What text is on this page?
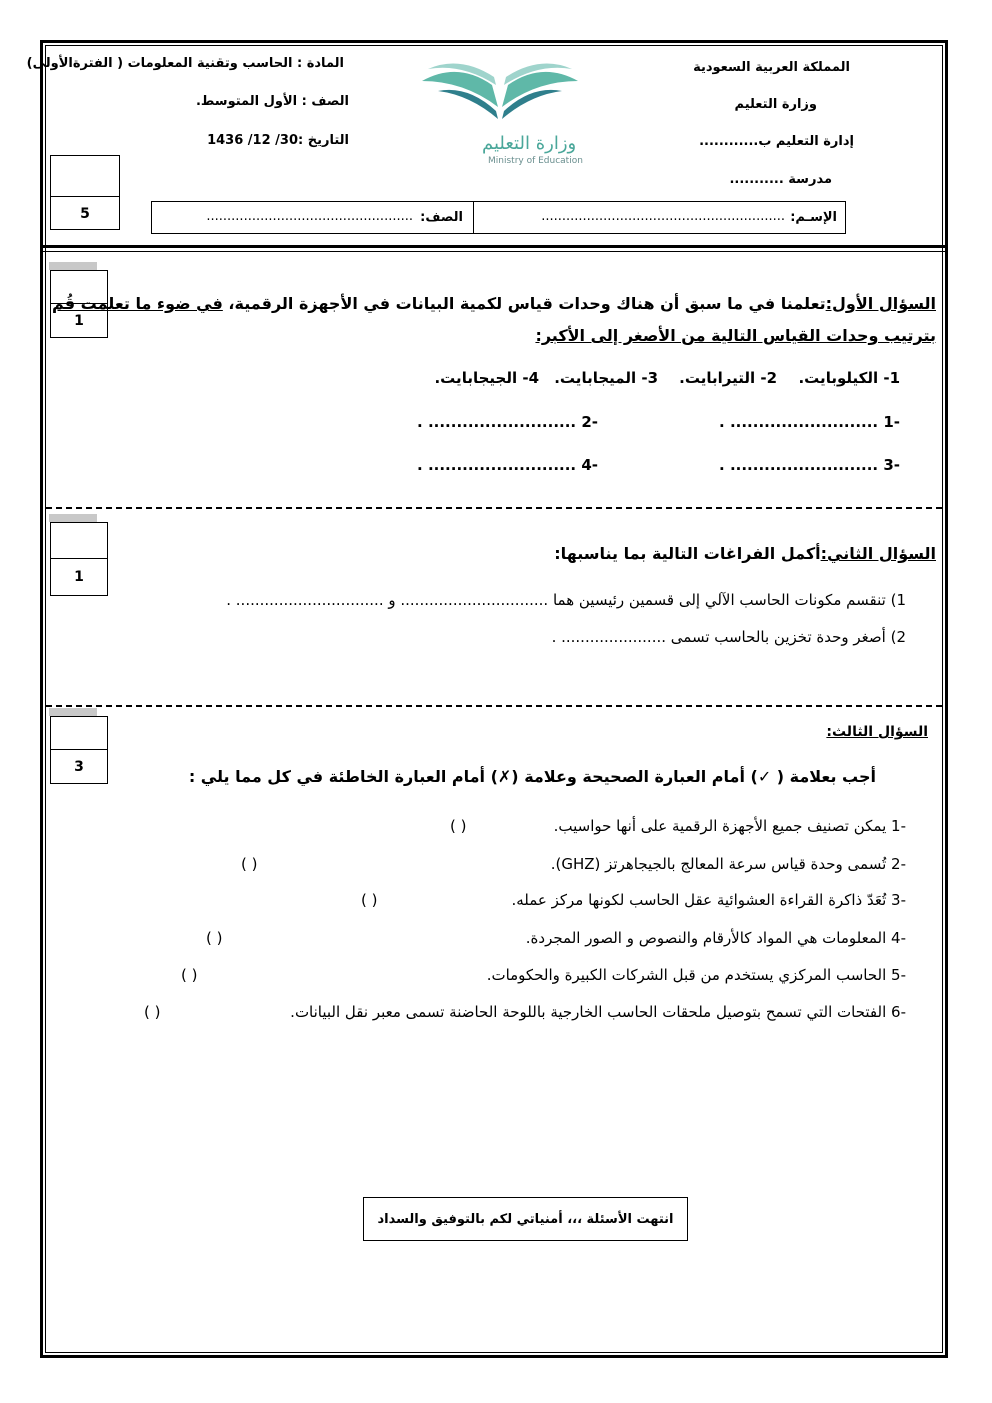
المملكة العربية السعودية
وزارة التعليم
إدارة التعليم ب............
مدرسة ...........
المادة : الحاسب وتقنية المعلومات ( الفترةالأولى)
الصف : الأول المتوسط.
التاريخ :30/ 12/ 1436	وزارة التعليم
Ministry of Education
5	الإسـم:
...........................................................
الصف:
..................................................
1
السؤال الأول:تعلمنا في ما سبق أن هناك وحدات قياس لكمية البيانات في الأجهزة الرقمية، في ضوء ما تعلمت قُم
بترتيب وحدات القياس التالية من الأصغر إلى الأكبر:
1- الكيلوبايت.
2- التيرابايت.
3- الميجابايت.
4- الجيجابايت.
-1 .......................... .
-2 .......................... .
-3 .......................... .
-4 .......................... .
1
السؤال الثاني:أكمل الفراغات التالية بما يناسبها:
1) تنقسم مكونات الحاسب الآلي إلى قسمين رئيسين هما ............................... و ............................... .
2) أصغر وحدة تخزين بالحاسب تسمى ...................... .
3
السؤال الثالث:
أجب بعلامة ( ✓) أمام العبارة الصحيحة وعلامة (✗) أمام العبارة الخاطئة في كل مما يلي :
-1 يمكن تصنيف جميع الأجهزة الرقمية على أنها حواسيب.
( )
-2 تُسمى وحدة قياس سرعة المعالج بالجيجاهرتز (GHZ).
( )
-3 تُعَدّ ذاكرة القراءة العشوائية عقل الحاسب لكونها مركز عمله.
( )
-4 المعلومات هي المواد كالأرقام والنصوص و الصور المجردة.
( )
-5 الحاسب المركزي يستخدم من قبل الشركات الكبيرة والحكومات.
( )
-6 الفتحات التي تسمح بتوصيل ملحقات الحاسب الخارجية باللوحة الحاضنة تسمى معبر نقل البيانات.
( )
انتهت الأسئلة ،،، أمنياتي لكم بالتوفيق والسداد
